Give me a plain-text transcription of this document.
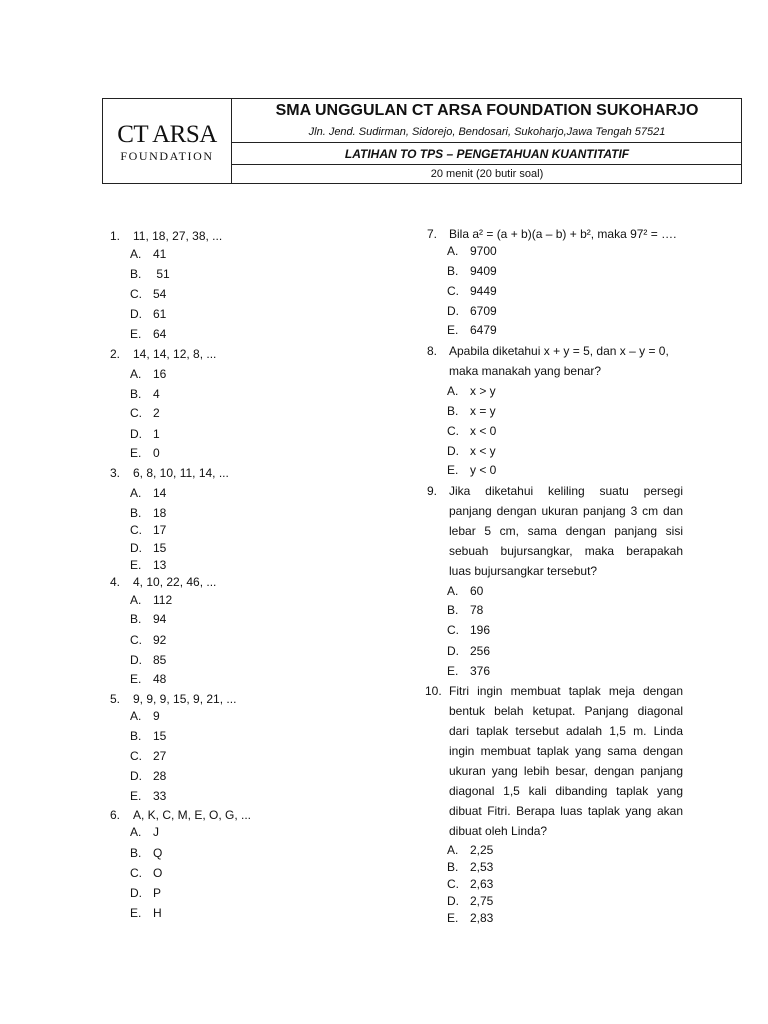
CT ARSA
FOUNDATION
SMA UNGGULAN CT ARSA FOUNDATION SUKOHARJO
Jln. Jend. Sudirman, Sidorejo, Bendosari, Sukoharjo,Jawa Tengah 57521
LATIHAN TO TPS – PENGETAHUAN KUANTITATIF
20 menit (20 butir soal)
1. 11, 18, 27, 38, ...
A. 41
B. 51
C. 54
D. 61
E. 64
2. 14, 14, 12, 8, ...
A. 16
B. 4
C. 2
D. 1
E. 0
3. 6, 8, 10, 11, 14, ...
A. 14
B. 18
C. 17
D. 15
E. 13
4. 4, 10, 22, 46, ...
A. 112
B. 94
C. 92
D. 85
E. 48
5. 9, 9, 9, 15, 9, 21, ...
A. 9
B. 15
C. 27
D. 28
E. 33
6. A, K, C, M, E, O, G, ...
A. J
B. Q
C. O
D. P
E. H
7. Bila a² = (a + b)(a – b) + b², maka 97² = ….
A. 9700
B. 9409
C. 9449
D. 6709
E. 6479
8. Apabila diketahui x + y = 5, dan x – y = 0,
maka manakah yang benar?
A. x > y
B. x = y
C. x < 0
D. x < y
E. y < 0
9. Jika diketahui keliling suatu persegi
panjang dengan ukuran panjang 3 cm dan
lebar 5 cm, sama dengan panjang sisi
sebuah bujursangkar, maka berapakah
luas bujursangkar tersebut?
A. 60
B. 78
C. 196
D. 256
E. 376
10. Fitri ingin membuat taplak meja dengan
bentuk belah ketupat. Panjang diagonal
dari taplak tersebut adalah 1,5 m. Linda
ingin membuat taplak yang sama dengan
ukuran yang lebih besar, dengan panjang
diagonal 1,5 kali dibanding taplak yang
dibuat Fitri. Berapa luas taplak yang akan
dibuat oleh Linda?
A. 2,25
B. 2,53
C. 2,63
D. 2,75
E. 2,83
